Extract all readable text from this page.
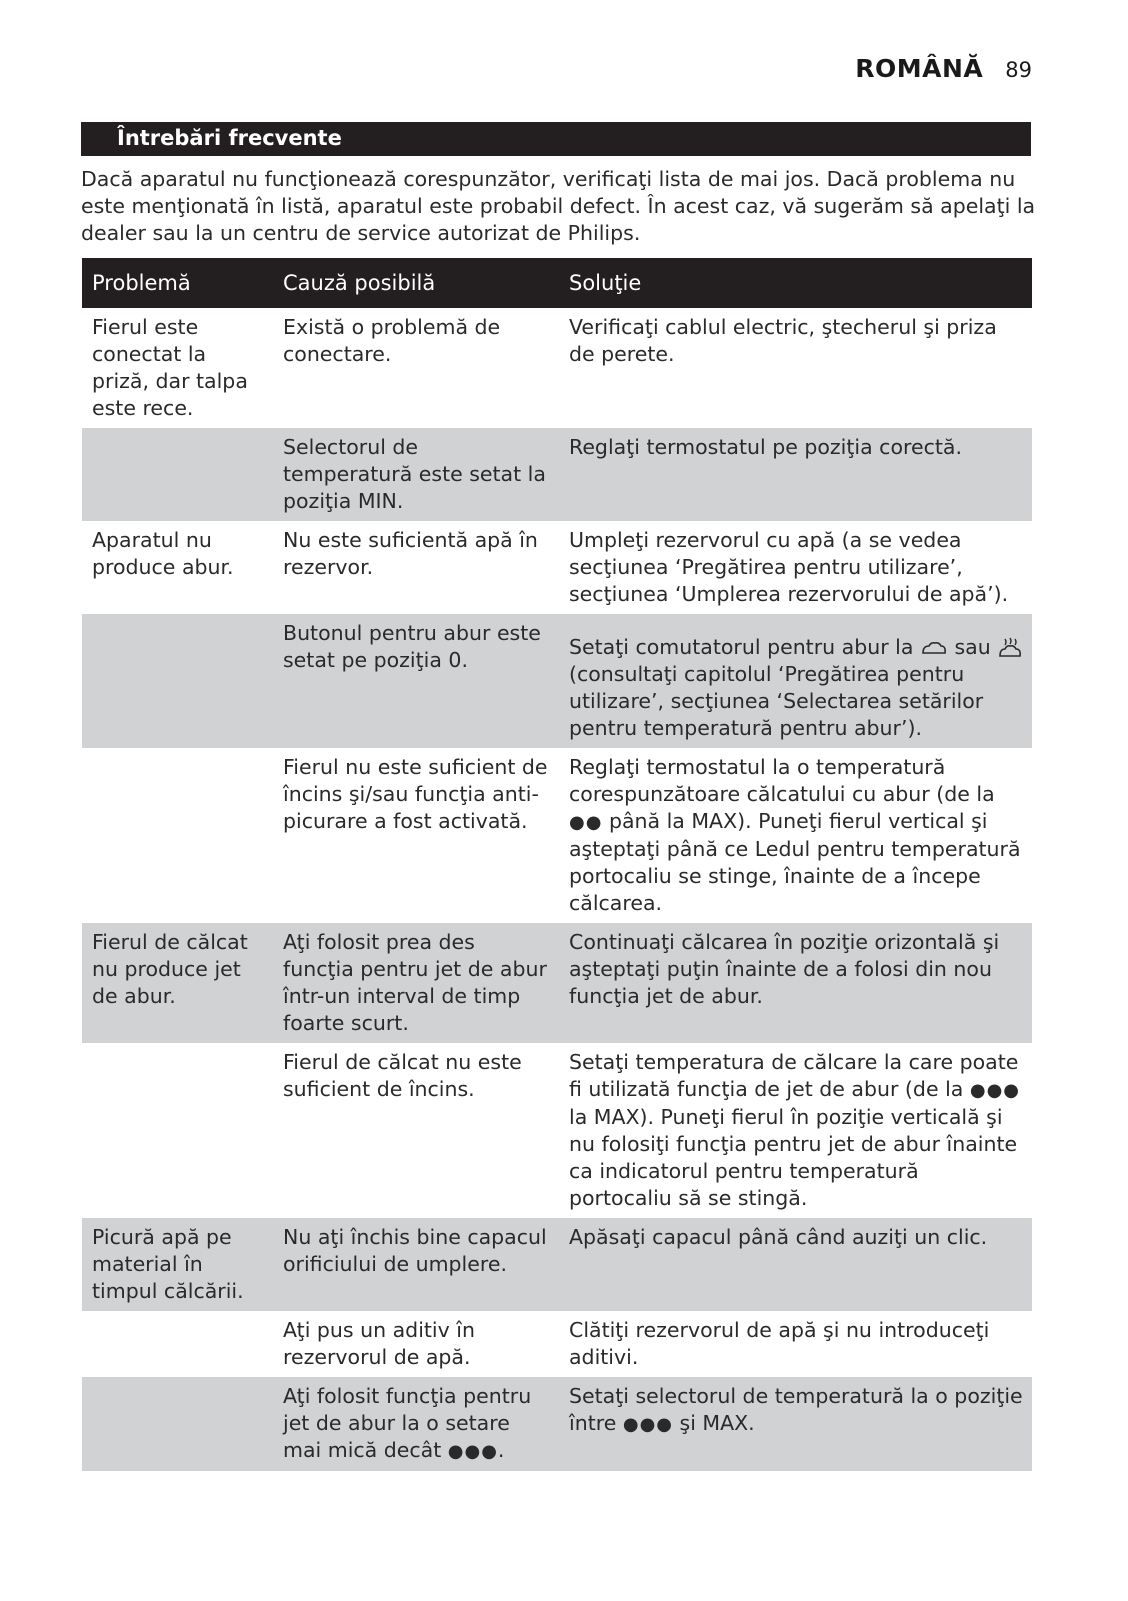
ROMÂNĂ 89
Întrebări frecvente
Dacă aparatul nu funcţionează corespunzător, verificaţi lista de mai jos. Dacă problema nu este menţionată în listă, aparatul este probabil defect. În acest caz, vă sugerăm să apelaţi la dealer sau la un centru de service autorizat de Philips.
Problemă	Cauză posibilă	Soluţie
Fierul este conectat la priză, dar talpa este rece.	Există o problemă de conectare.	Verificaţi cablul electric, ştecherul şi priza de perete.
	Selectorul de temperatură este setat la poziţia MIN.	Reglaţi termostatul pe poziţia corectă.
Aparatul nu produce abur.	Nu este suficientă apă în rezervor.	Umpleţi rezervorul cu apă (a se vedea secţiunea ‘Pregătirea pentru utilizare’, secţiunea ‘Umplerea rezervorului de apă’).
	Butonul pentru abur este setat pe poziţia 0.	Setaţi comutatorul pentru abur la sau  (consultaţi capitolul ‘Pregătirea pentru utilizare’, secţiunea ‘Selectarea setărilor pentru temperatură pentru abur’).
	Fierul nu este suficient de încins şi/sau funcţia anti-picurare a fost activată.	Reglaţi termostatul la o temperatură corespunzătoare călcatului cu abur (de la ●● până la MAX). Puneţi fierul vertical şi aşteptaţi până ce Ledul pentru temperatură portocaliu se stinge, înainte de a începe călcarea.
Fierul de călcat nu produce jet de abur.	Aţi folosit prea des funcţia pentru jet de abur într-un interval de timp foarte scurt.	Continuaţi călcarea în poziţie orizontală şi aşteptaţi puţin înainte de a folosi din nou funcţia jet de abur.
	Fierul de călcat nu este suficient de încins.	Setaţi temperatura de călcare la care poate fi utilizată funcţia de jet de abur (de la ●●● la MAX). Puneţi fierul în poziţie verticală şi nu folosiţi funcţia pentru jet de abur înainte ca indicatorul pentru temperatură portocaliu să se stingă.
Picură apă pe material în timpul călcării.	Nu aţi închis bine capacul orificiului de umplere.	Apăsaţi capacul până când auziţi un clic.
	Aţi pus un aditiv în rezervorul de apă.	Clătiţi rezervorul de apă şi nu introduceţi aditivi.
	Aţi folosit funcţia pentru jet de abur la o setare mai mică decât ●●●.	Setaţi selectorul de temperatură la o poziţie între ●●● şi MAX.
